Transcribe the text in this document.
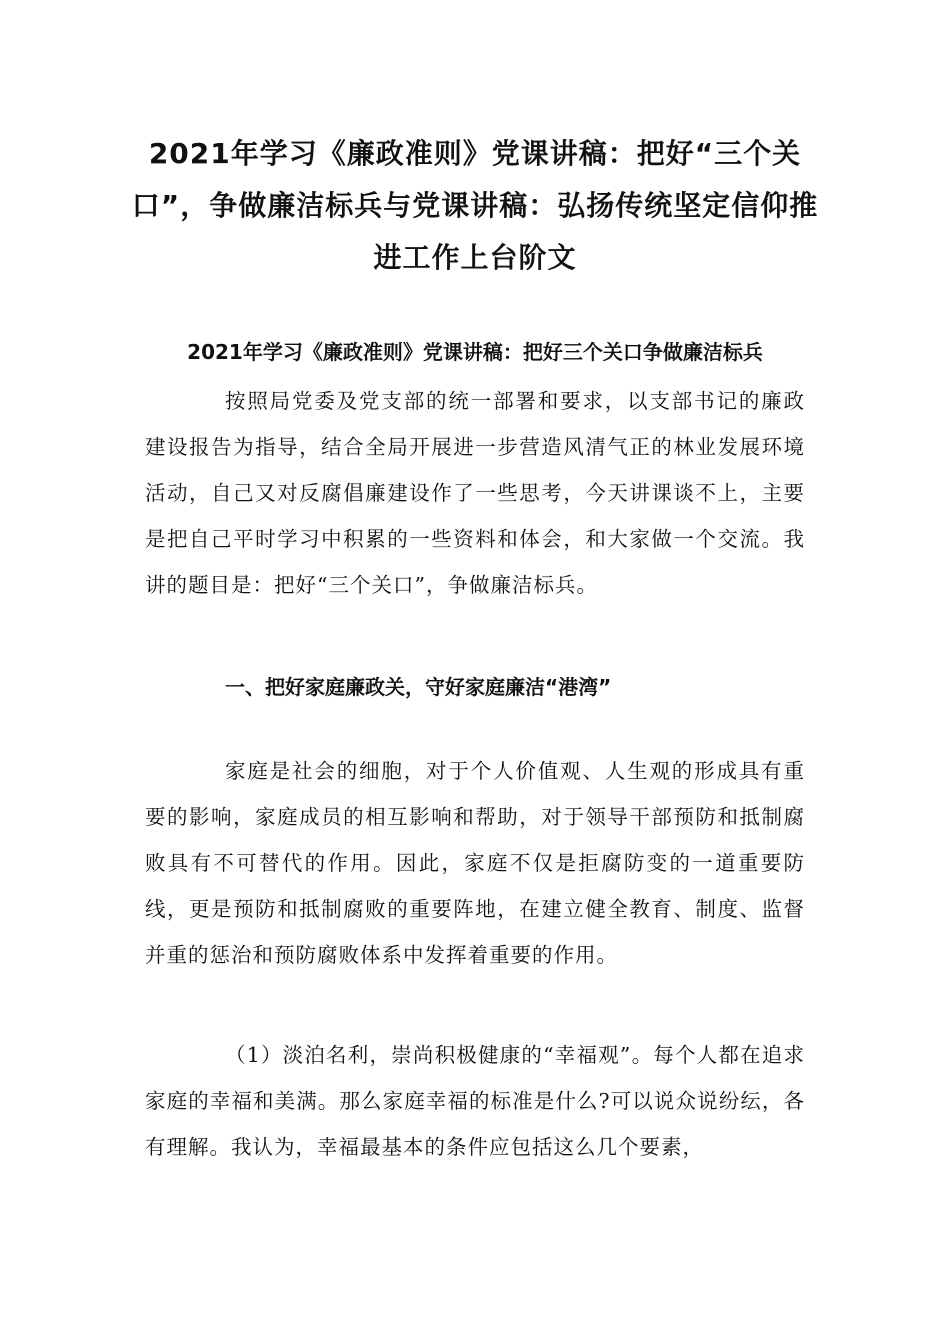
2021年学习《廉政准则》党课讲稿：把好“三个关口”，争做廉洁标兵与党课讲稿：弘扬传统坚定信仰推进工作上台阶文
2021年学习《廉政准则》党课讲稿：把好三个关口争做廉洁标兵

按照局党委及党支部的统一部署和要求，以支部书记的廉政建设报告为指导，结合全局开展进一步营造风清气正的林业发展环境活动，自己又对反腐倡廉建设作了一些思考，今天讲课谈不上，主要是把自己平时学习中积累的一些资料和体会，和大家做一个交流。我讲的题目是：把好“三个关口”，争做廉洁标兵。

一、把好家庭廉政关，守好家庭廉洁“港湾”

家庭是社会的细胞，对于个人价值观、人生观的形成具有重要的影响，家庭成员的相互影响和帮助，对于领导干部预防和抵制腐败具有不可替代的作用。因此，家庭不仅是拒腐防变的一道重要防线，更是预防和抵制腐败的重要阵地，在建立健全教育、制度、监督并重的惩治和预防腐败体系中发挥着重要的作用。

（1）淡泊名利，崇尚积极健康的“幸福观”。每个人都在追求家庭的幸福和美满。那么家庭幸福的标准是什么?可以说众说纷纭，各有理解。我认为，幸福最基本的条件应包括这么几个要素，
